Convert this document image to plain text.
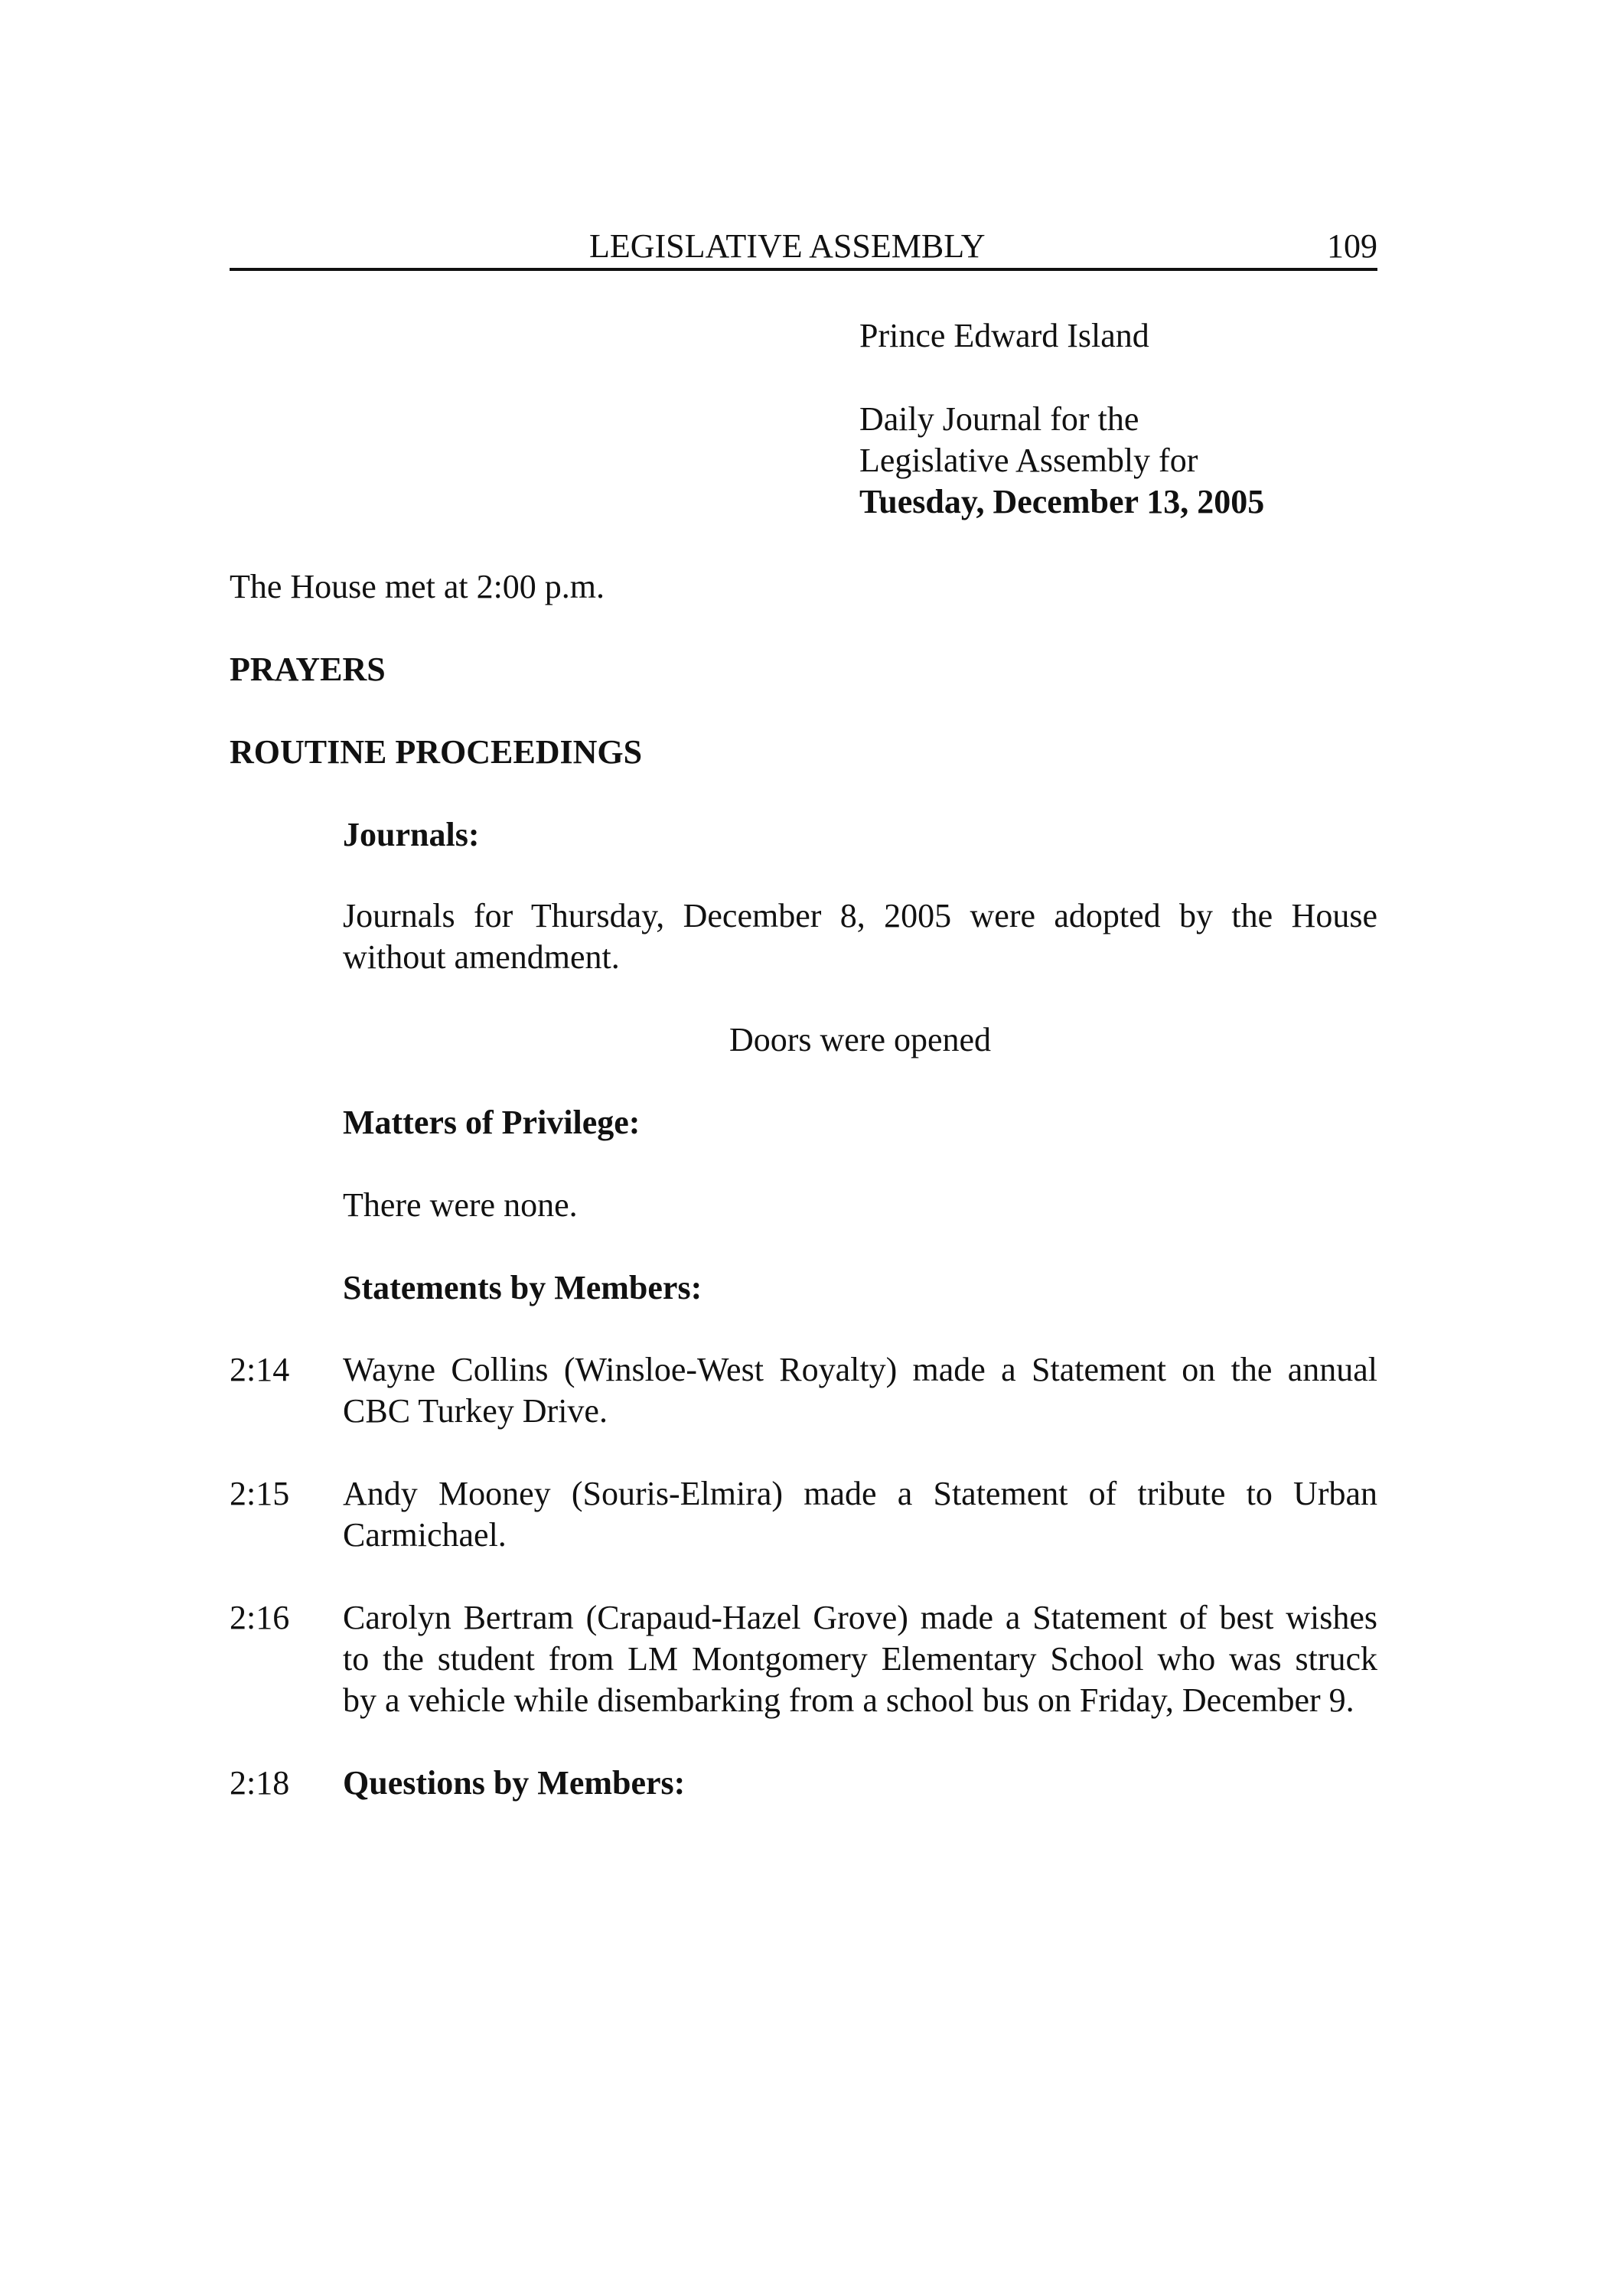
LEGISLATIVE ASSEMBLY	109
Prince Edward Island
Daily Journal for the
Legislative Assembly for
Tuesday, December 13, 2005
The House met at 2:00 p.m.
PRAYERS
ROUTINE PROCEEDINGS
Journals:
Journals for Thursday, December 8, 2005 were adopted by the House
without amendment.
Doors were opened
Matters of Privilege:
There were none.
Statements by Members:
2:14 Wayne Collins (Winsloe-West Royalty) made a Statement on the annual
CBC Turkey Drive.
2:15 Andy Mooney (Souris-Elmira) made a Statement of tribute to Urban
Carmichael.
2:16 Carolyn Bertram (Crapaud-Hazel Grove) made a Statement of best wishes
to the student from LM Montgomery Elementary School who was struck
by a vehicle while disembarking from a school bus on Friday, December 9.
2:18 Questions by Members:
